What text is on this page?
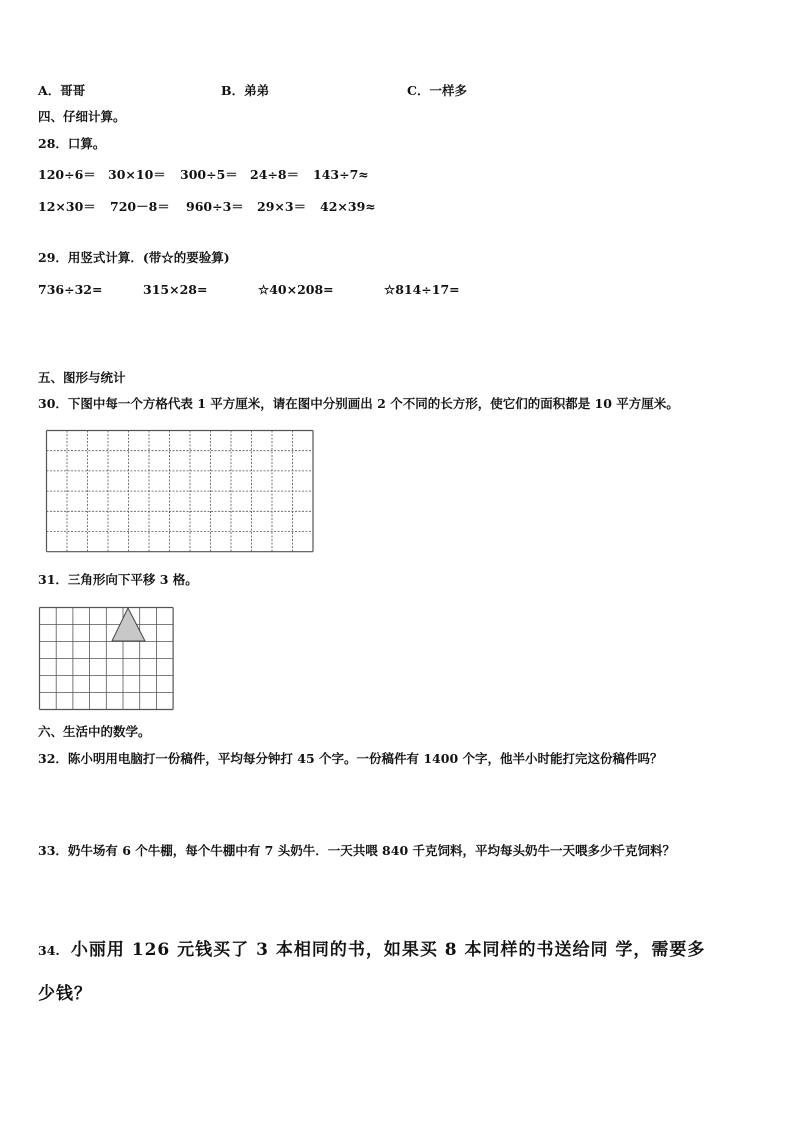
A．哥哥	B．弟弟	C．一样多
四、仔细计算。
28．口算。
120÷6＝ 30×10＝ 300÷5＝ 24÷8＝ 143÷7≈
12×30＝ 720－8＝ 960÷3＝ 29×3＝ 42×39≈
29．用竖式计算．(带☆的要验算)
736÷32=	315×28=	☆40×208=	☆814÷17=
五、图形与统计
30．下图中每一个方格代表 1 平方厘米，请在图中分别画出 2 个不同的长方形，使它们的面积都是 10 平方厘米。
31．三角形向下平移 3 格。
六、生活中的数学。
32．陈小明用电脑打一份稿件，平均每分钟打 45 个字。一份稿件有 1400 个字，他半小时能打完这份稿件吗？
33．奶牛场有 6 个牛棚，每个牛棚中有 7 头奶牛．一天共喂 840 千克饲料，平均每头奶牛一天喂多少千克饲料？
34. 小丽用 126 元钱买了 3 本相同的书，如果买 8 本同样的书送给同 学，需要多
少钱？
